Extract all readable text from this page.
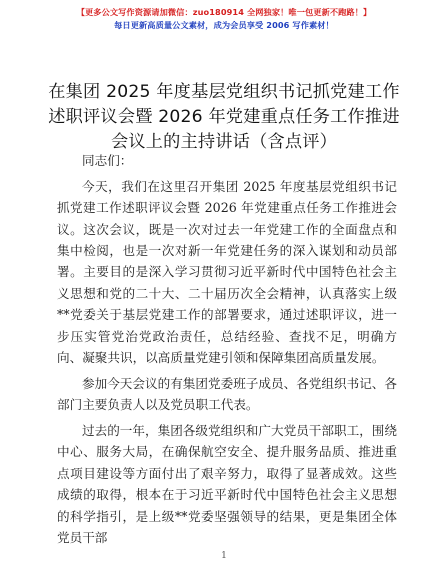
【更多公文写作资源请加微信：zuo180914 全网独家！唯一包更新不跑路！】
每日更新高质量公文素材，成为会员享受 2006 写作素材！
在集团 2025 年度基层党组织书记抓党建工作述职评议会暨 2026 年党建重点任务工作推进会议上的主持讲话（含点评）

同志们：

今天，我们在这里召开集团 2025 年度基层党组织书记抓党建工作述职评议会暨 2026 年党建重点任务工作推进会议。这次会议，既是一次对过去一年党建工作的全面盘点和集中检阅，也是一次对新一年党建任务的深入谋划和动员部署。主要目的是深入学习贯彻习近平新时代中国特色社会主义思想和党的二十大、二十届历次全会精神，认真落实上级**党委关于基层党建工作的部署要求，通过述职评议，进一步压实管党治党政治责任，总结经验、查找不足，明确方向、凝聚共识，以高质量党建引领和保障集团高质量发展。

参加今天会议的有集团党委班子成员、各党组织书记、各部门主要负责人以及党员职工代表。

过去的一年，集团各级党组织和广大党员干部职工，围绕中心、服务大局，在确保航空安全、提升服务品质、推进重点项目建设等方面付出了艰辛努力，取得了显著成效。这些成绩的取得，根本在于习近平新时代中国特色社会主义思想的科学指引，是上级**党委坚强领导的结果，更是集团全体党员干部

1
